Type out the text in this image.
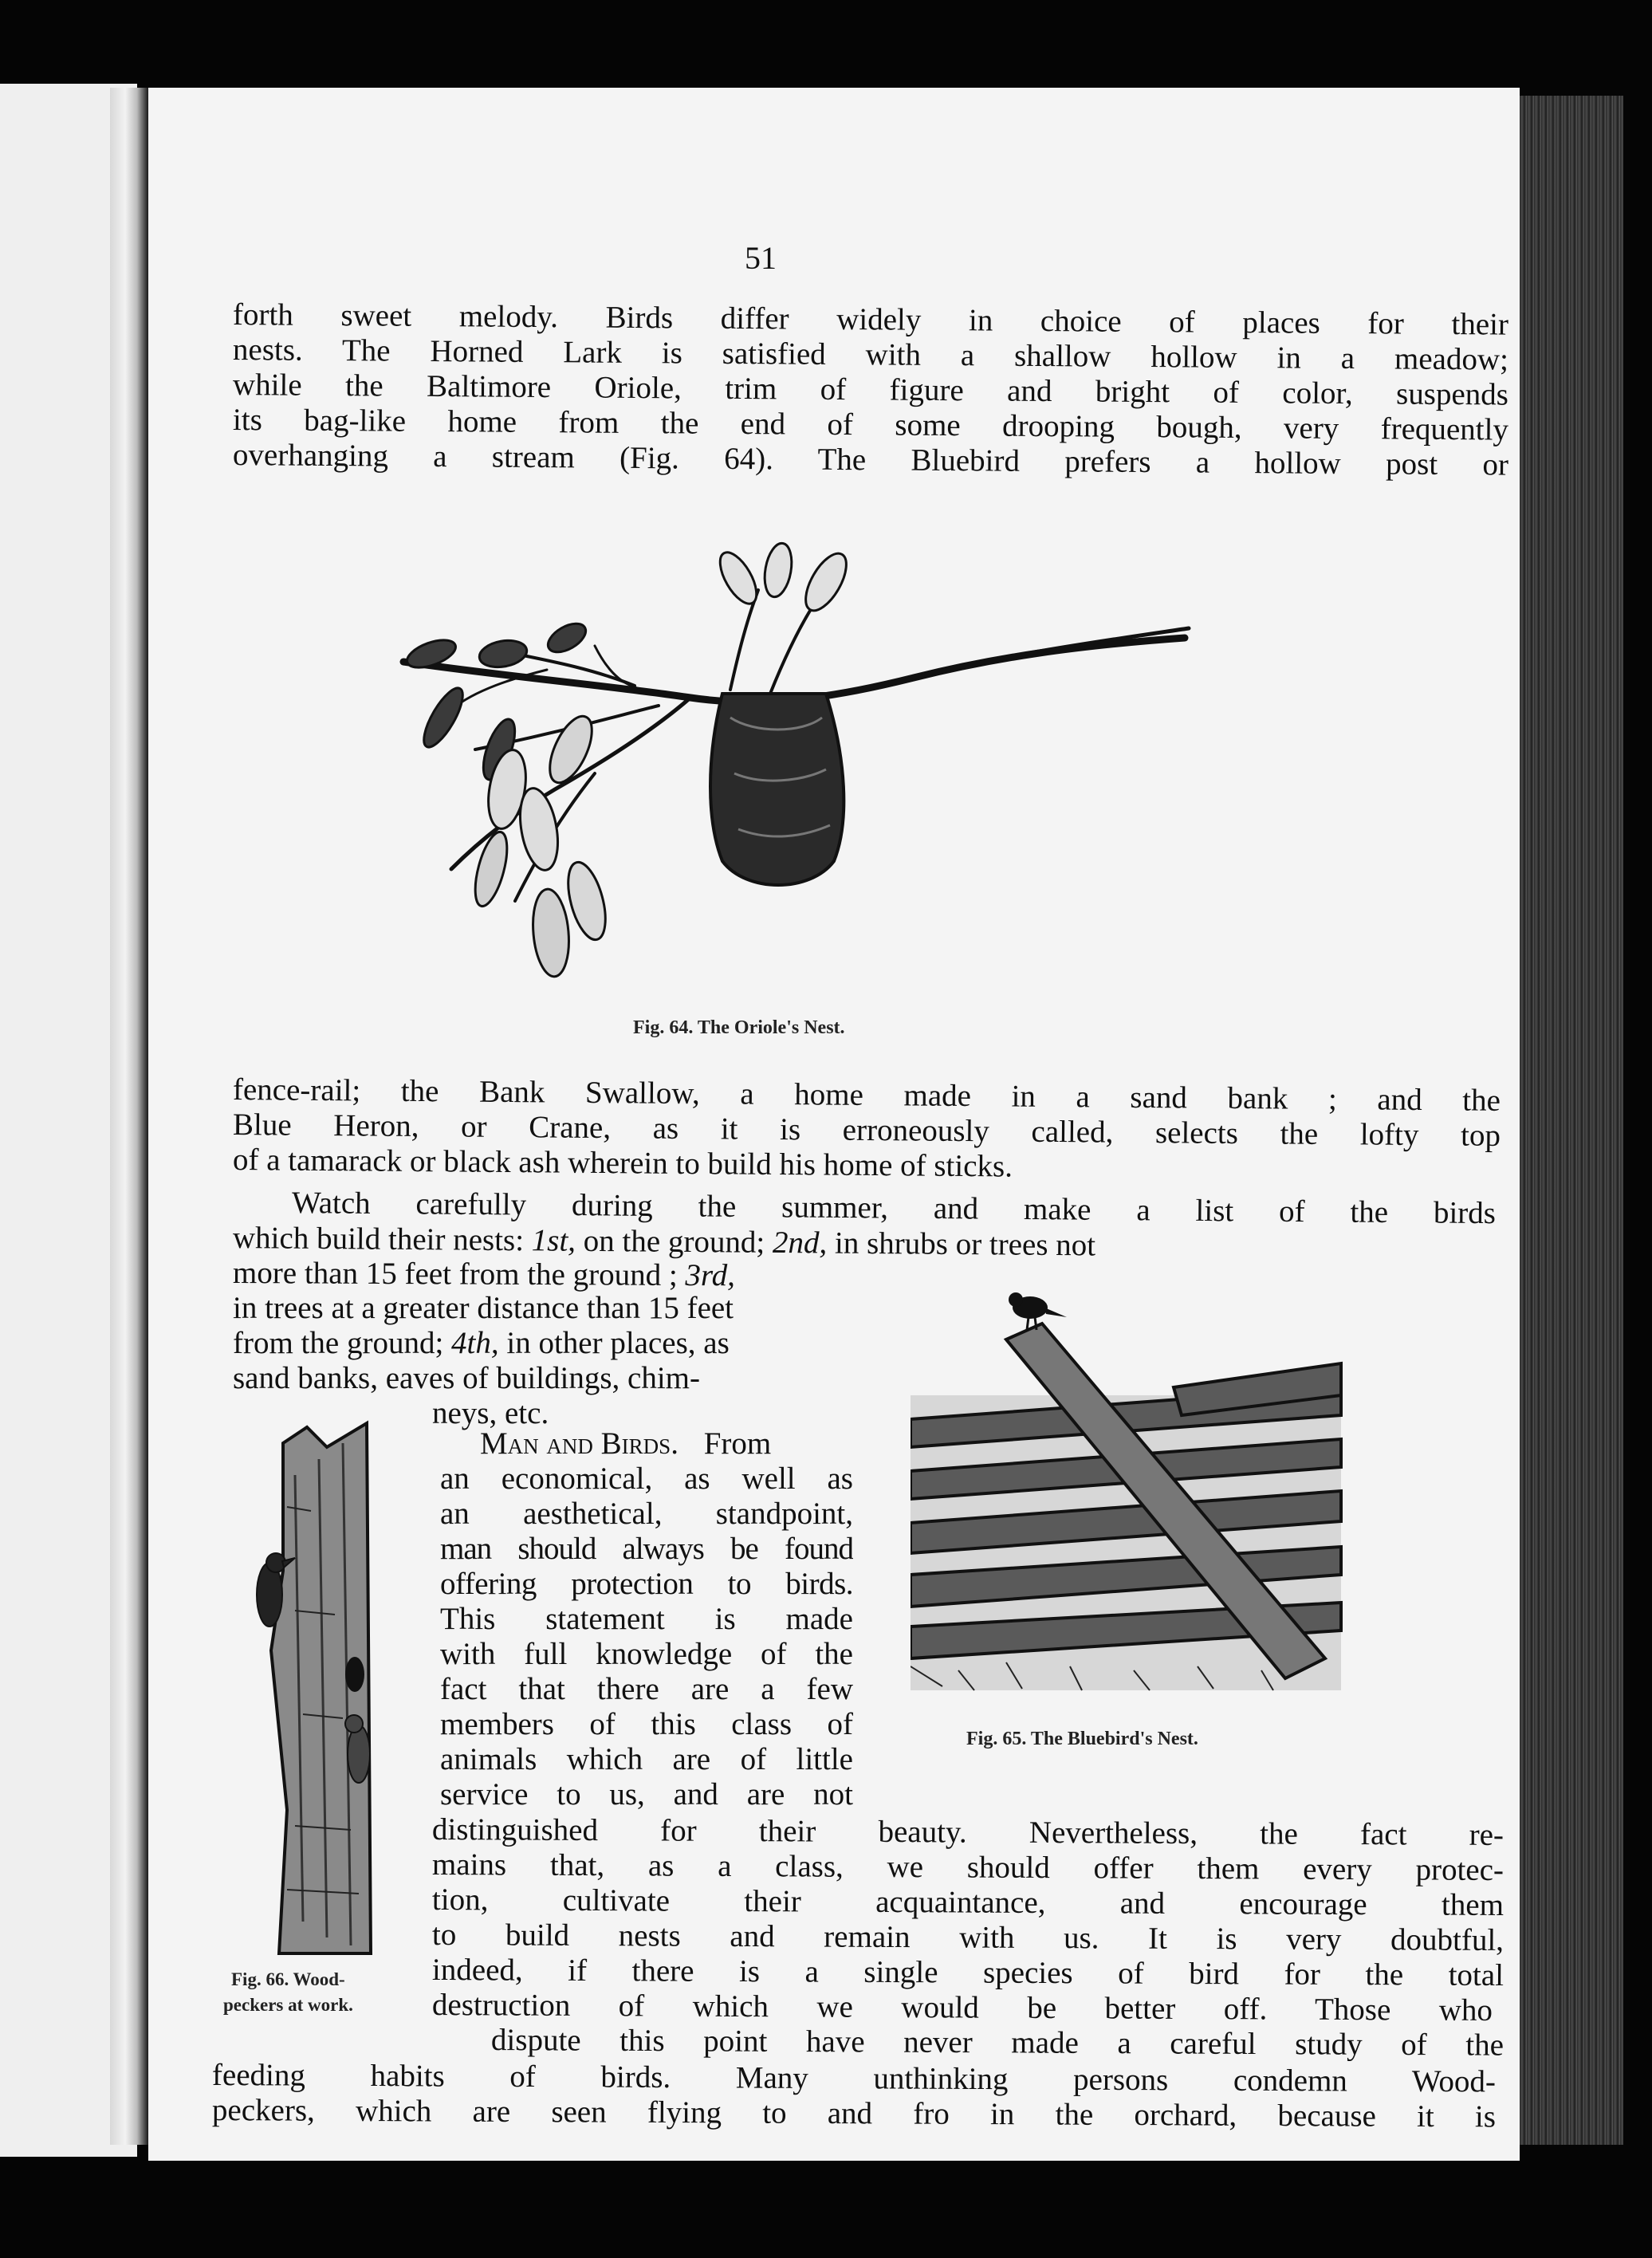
51
forth sweet melody. Birds differ widely in choice of places for their
nests. The Horned Lark is satisfied with a shallow hollow in a meadow;
while the Baltimore Oriole, trim of figure and bright of color, suspends
its bag-like home from the end of some drooping bough, very frequently
overhanging a stream (Fig. 64). The Bluebird prefers a hollow post or
Fig. 64. The Oriole's Nest.
fence-rail; the Bank Swallow, a home made in a sand bank ; and the
Blue Heron, or Crane, as it is erroneously called, selects the lofty top
of a tamarack or black ash wherein to build his home of sticks.
Watch carefully during the summer, and make a list of the birds
which build their nests: 1st, on the ground; 2nd, in shrubs or trees not
more than 15 feet from the ground ; 3rd,
in trees at a greater distance than 15 feet
from the ground; 4th, in other places, as
sand banks, eaves of buildings, chim-
neys, etc.
Fig. 65. The Bluebird's Nest.
Fig. 66. Wood-
peckers at work.
Man and Birds. From
an economical, as well as
an aesthetical, standpoint,
man should always be found
offering protection to birds.
This statement is made
with full knowledge of the
fact that there are a few
members of this class of
animals which are of little
service to us, and are not
distinguished for their beauty. Nevertheless, the fact re-
mains that, as a class, we should offer them every protec-
tion, cultivate their acquaintance, and encourage them
to build nests and remain with us. It is very doubtful,
indeed, if there is a single species of bird for the total
destruction of which we would be better off. Those who
dispute this point have never made a careful study of the
feeding habits of birds. Many unthinking persons condemn Wood-
peckers, which are seen flying to and fro in the orchard, because it is
